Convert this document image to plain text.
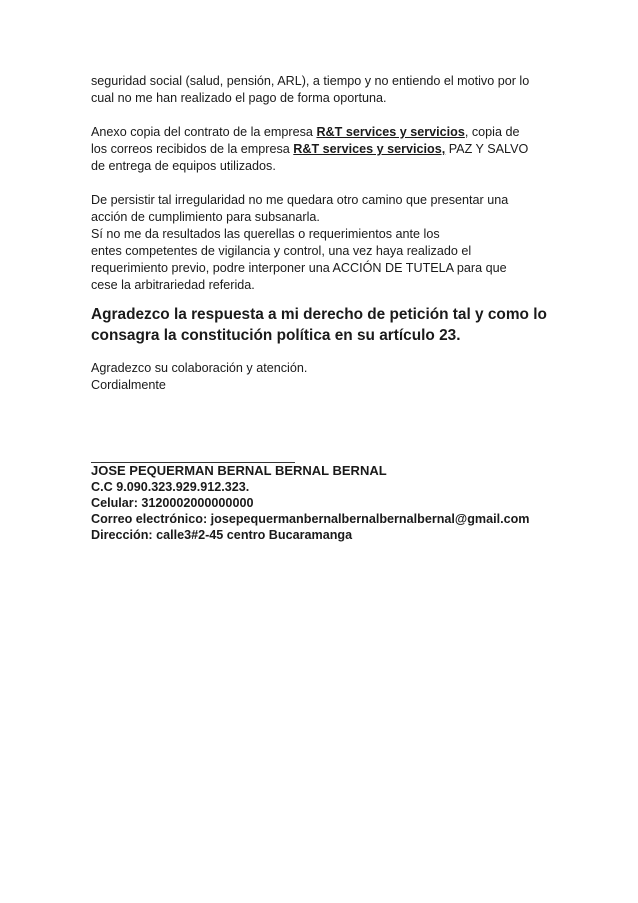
seguridad social (salud, pensión, ARL), a tiempo y no entiendo el motivo por lo

cual no me han realizado el pago de forma oportuna.

Anexo copia del contrato de la empresa R&T services y servicios, copia de

los correos recibidos de la empresa R&T services y servicios, PAZ Y SALVO

de entrega de equipos utilizados.

De persistir tal irregularidad no me quedara otro camino que presentar una

acción de cumplimiento para subsanarla.

Sí no me da resultados las querellas o requerimientos ante los

entes competentes de vigilancia y control, una vez haya realizado el

requerimiento previo, podre interponer una ACCIÓN DE TUTELA para que

cese la arbitrariedad referida.

Agradezco la respuesta a mi derecho de petición tal y como lo

consagra la constitución política en su artículo 23.

Agradezco su colaboración y atención.

Cordialmente

JOSE PEQUERMAN BERNAL BERNAL BERNAL

C.C 9.090.323.929.912.323.

Celular: 3120002000000000

Correo electrónico: josepequermanbernalbernalbernalbernal@gmail.com

Dirección: calle3#2-45 centro Bucaramanga
